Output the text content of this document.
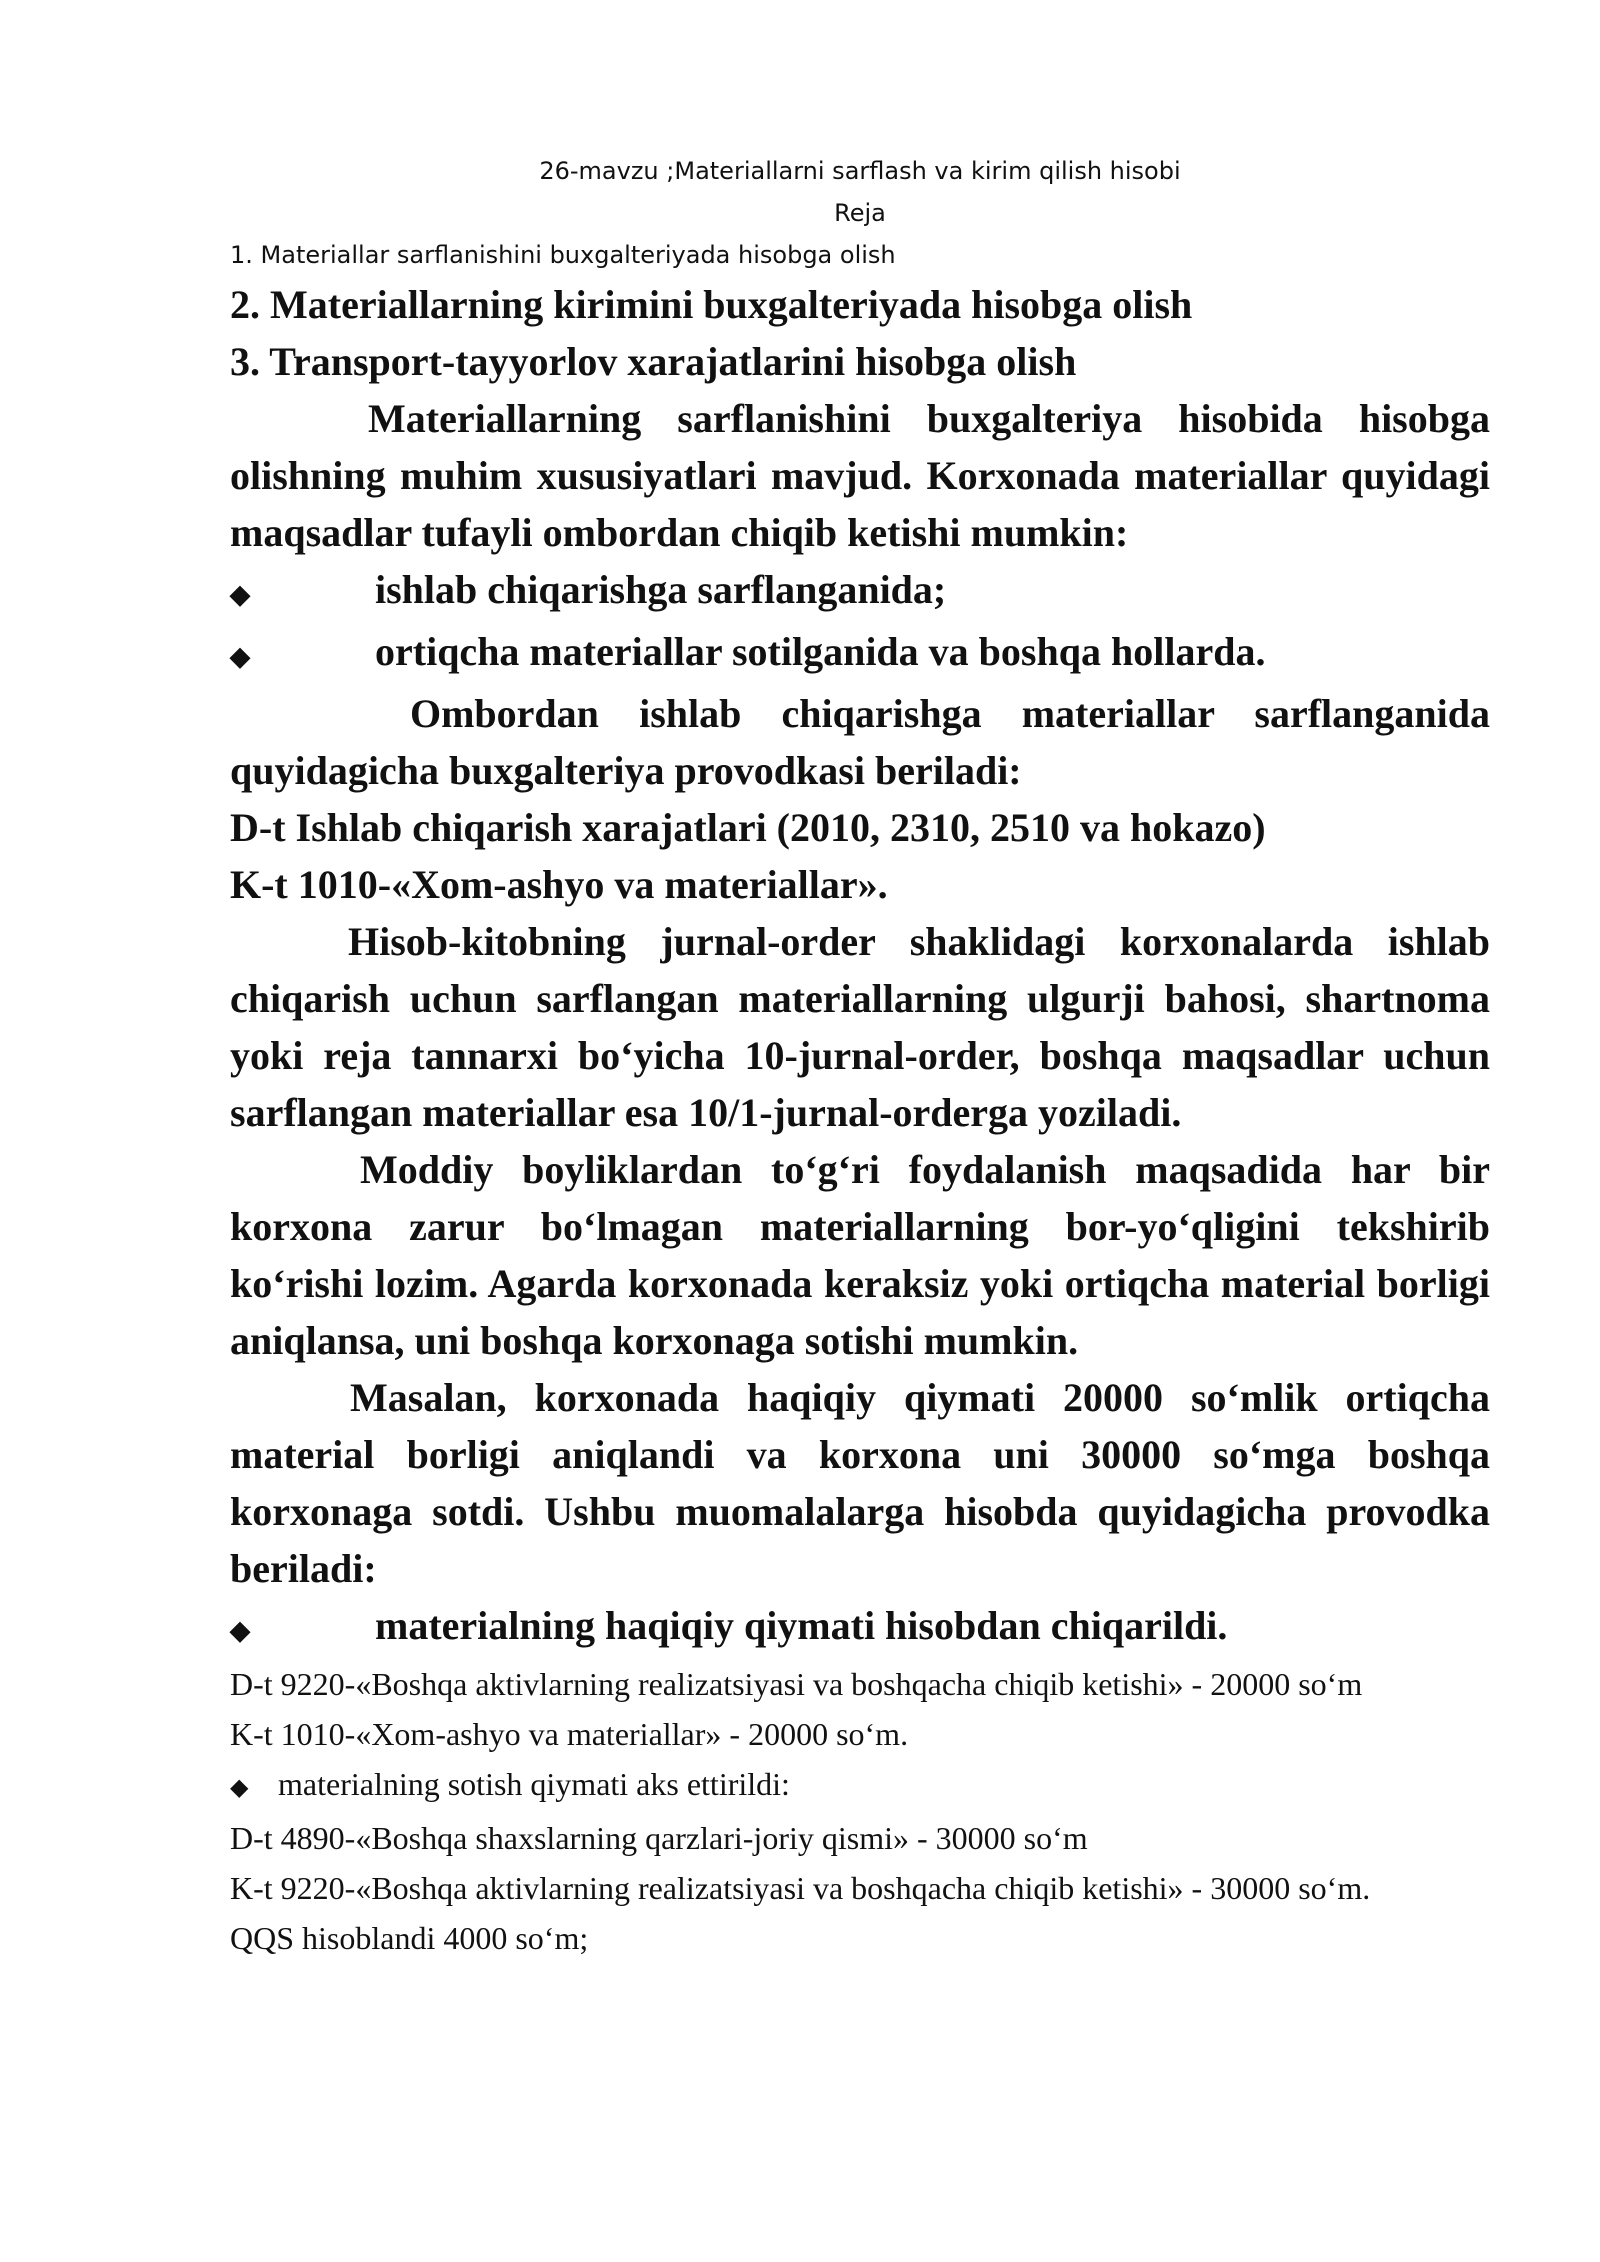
26-mavzu ;Materiallarni sarflash va kirim qilish hisobi

Reja

1. Materiallar sarflanishini buxgalteriyada hisobga olish

2. Materiallarning kirimini buxgalteriyada hisobga olish

3. Transport-tayyorlov xarajatlarini hisobga olish

Materiallarning sarflanishini buxgalteriya hisobida hisobga olishning muhim xususiyatlari mavjud. Korxonada materiallar quyidagi maqsadlar tufayli ombordan chiqib ketishi mumkin:

◆	ishlab chiqarishga sarflanganida;
◆	ortiqcha materiallar sotilganida va boshqa hollarda.

Ombordan ishlab chiqarishga materiallar sarflanganida quyidagicha buxgalteriya provodkasi beriladi:

D-t Ishlab chiqarish xarajatlari (2010, 2310, 2510 va hokazo)

K-t 1010-«Xom-ashyo va materiallar».

Hisob-kitobning jurnal-order shaklidagi korxonalarda ishlab chiqarish uchun sarflangan materiallarning ulgurji bahosi, shartnoma yoki reja tannarxi boʻyicha 10-jurnal-order, boshqa maqsadlar uchun sarflangan materiallar esa 10/1-jurnal-orderga yoziladi.

Moddiy boyliklardan toʻgʻri foydalanish maqsadida har bir korxona zarur boʻlmagan materiallarning bor-yoʻqligini tekshirib koʻrishi lozim. Agarda korxonada keraksiz yoki ortiqcha material borligi aniqlansa, uni boshqa korxonaga sotishi mumkin.

Masalan, korxonada haqiqiy qiymati 20000 soʻmlik ortiqcha material borligi aniqlandi va korxona uni 30000 soʻmga boshqa korxonaga sotdi. Ushbu muomalalarga hisobda quyidagicha provodka beriladi:

◆	materialning haqiqiy qiymati hisobdan chiqarildi.

D-t 9220-«Boshqa aktivlarning realizatsiyasi va boshqacha chiqib ketishi» - 20000 soʻm

K-t 1010-«Xom-ashyo va materiallar» - 20000 soʻm.

◆ materialning sotish qiymati aks ettirildi:

D-t 4890-«Boshqa shaxslarning qarzlari-joriy qismi» - 30000 soʻm

K-t 9220-«Boshqa aktivlarning realizatsiyasi va boshqacha chiqib ketishi» - 30000 soʻm.

QQS hisoblandi 4000 soʻm;
